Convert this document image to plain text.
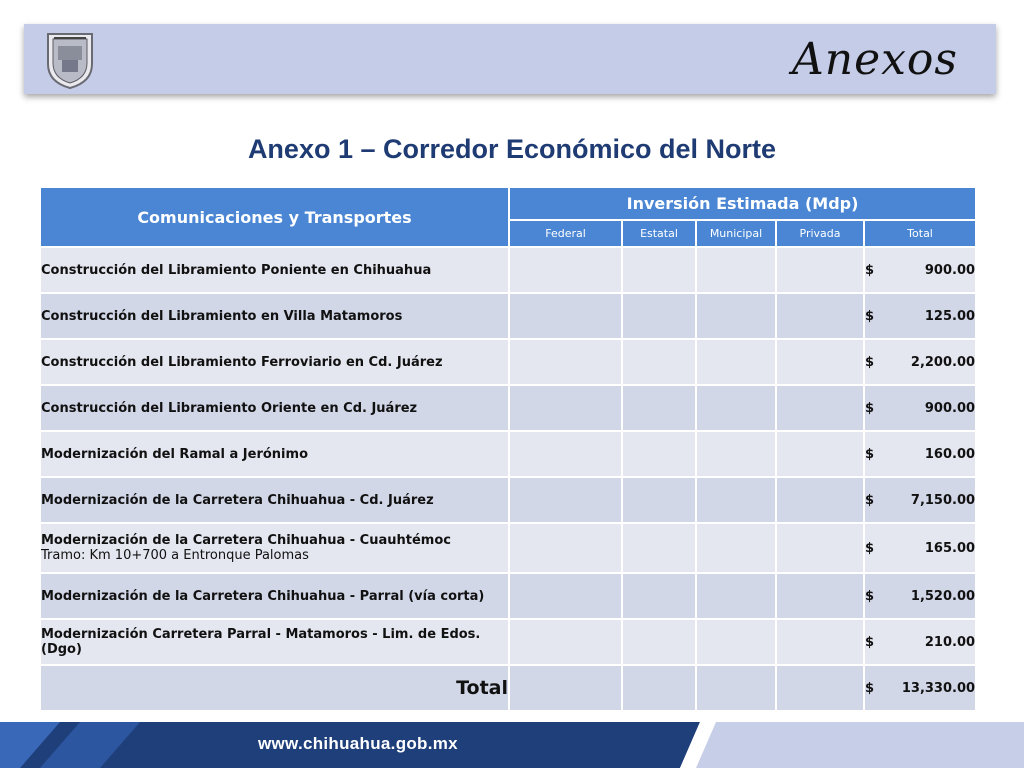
Anexos
Anexo 1 – Corredor Económico del Norte
Comunicaciones y Transportes	Inversión Estimada (Mdp)				
	Federal	Estatal	Municipal	Privada	Total
Construcción del Libramiento Poniente en Chihuahua					$ 900.00

Construcción del Libramiento en Villa Matamoros					$ 125.00

Construcción del Libramiento Ferroviario en Cd. Juárez					$ 2,200.00

Construcción del Libramiento Oriente en Cd. Juárez					$ 900.00

Modernización del Ramal a Jerónimo					$ 160.00

Modernización de la Carretera Chihuahua - Cd. Juárez					$ 7,150.00

Modernización de la Carretera Chihuahua - Cuauhtémoc
Tramo: Km 10+700 a Entronque Palomas					$ 165.00

Modernización de la Carretera Chihuahua - Parral (vía corta)					$ 1,520.00

Modernización Carretera Parral - Matamoros - Lim. de Edos. (Dgo)					$ 210.00

Total					$ 13,330.00
www.chihuahua.gob.mx
